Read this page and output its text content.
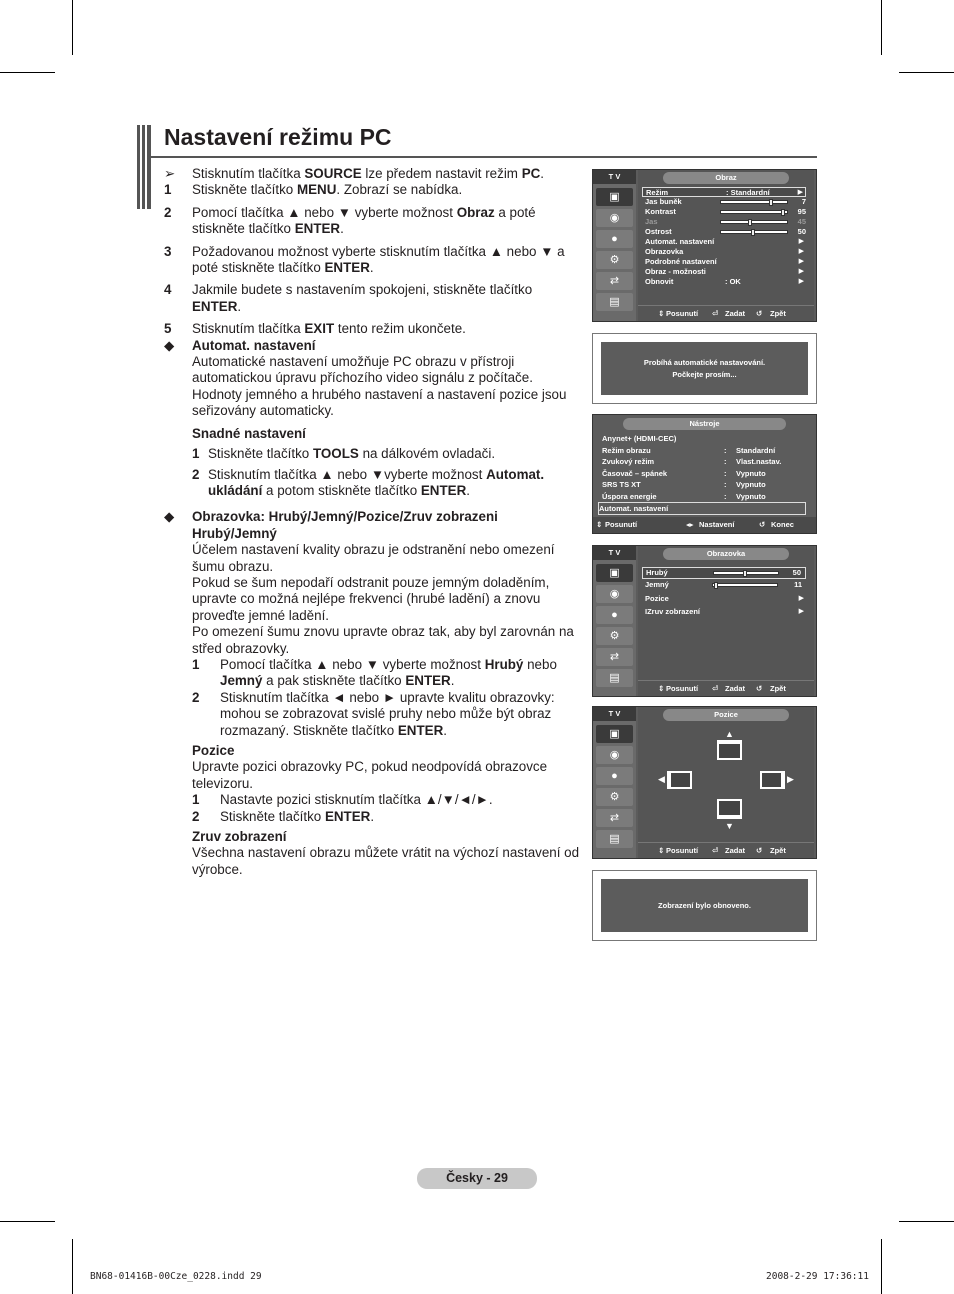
Nastavení režimu PC
➢	Stisknutím tlačítka SOURCE lze předem nastavit režim PC.
1	Stiskněte tlačítko MENU. Zobrazí se nabídka.
2	Pomocí tlačítka ▲ nebo ▼ vyberte možnost Obraz a poté stiskněte tlačítko ENTER.
3	Požadovanou možnost vyberte stisknutím tlačítka ▲ nebo ▼ a poté stiskněte tlačítko ENTER.
4	Jakmile budete s nastavením spokojeni, stiskněte tlačítko ENTER.
5	Stisknutím tlačítka EXIT tento režim ukončete.
◆	Automat. nastavení
Automatické nastavení umožňuje PC obrazu v přístroji automatickou úpravu příchozího video signálu z počítače. Hodnoty jemného a hrubého nastavení a nastavení pozice jsou seřizovány automaticky.
Snadné nastavení
1 Stiskněte tlačítko TOOLS na dálkovém ovladači.
2 Stisknutím tlačítka ▲ nebo ▼vyberte možnost Automat. ukládání a potom stiskněte tlačítko ENTER.
◆	Obrazovka: Hrubý/Jemný/Pozice/Zruv zobrazeni
Hrubý/Jemný
Účelem nastavení kvality obrazu je odstranění nebo omezení šumu obrazu.
Pokud se šum nepodaří odstranit pouze jemným doladěním, upravte co možná nejlépe frekvenci (hrubé ladění) a znovu proveďte jemné ladění.
Po omezení šumu znovu upravte obraz tak, aby byl zarovnán na střed obrazovky.
1	Pomocí tlačítka ▲ nebo ▼ vyberte možnost Hrubý nebo Jemný a pak stiskněte tlačítko ENTER.
2	Stisknutím tlačítka ◄ nebo ► upravte kvalitu obrazovky: mohou se zobrazovat svislé pruhy nebo může být obraz rozmazaný. Stiskněte tlačítko ENTER.
Pozice
Upravte pozici obrazovky PC, pokud neodpovídá obrazovce televizoru.
1	Nastavte pozici stisknutím tlačítka ▲/▼/◄/►.
2	Stiskněte tlačítko ENTER.
Zruv zobrazení
Všechna nastavení obrazu můžete vrátit na výchozí nastavení od výrobce.
T V
▣
◉
●
⚙
⇄
▤
Obraz
Režim	: Standardní	▶
Jas buněk	7
Kontrast	95
Jas	45
Ostrost	50
Automat. nastavení	▶
Obrazovka	▶
Podrobné nastavení	▶
Obraz - možnosti	▶
Obnovit	: OK	▶
⇕ Posunutí ⏎ Zadat ↺ Zpět
Probíhá automatické nastavování.
Počkejte prosím...
Nástroje
Anynet+ (HDMI-CEC)
Režim obrazu	: Standardní
Zvukový režim	: Vlast.nastav.
Časovač – spánek	: Vypnuto
SRS TS XT	: Vypnuto
Úspora energie	: Vypnuto
Automat. nastavení
⇕ Posunutí	◂▸ Nastavení	↺ Konec
T V
▣
◉
●
⚙
⇄
▤
Obrazovka
Hrubý	50
Jemný	11
Pozice	▶
IZruv zobrazení	▶
⇕ Posunutí ⏎ Zadat ↺ Zpět
T V
▣
◉
●
⚙
⇄
▤
Pozice
▲
◀	▶
▼
⇕ Posunutí ⏎ Zadat ↺ Zpět
Zobrazení bylo obnoveno.
Česky - 29
BN68-01416B-00Cze_0228.indd 29	2008-2-29 17:36:11
